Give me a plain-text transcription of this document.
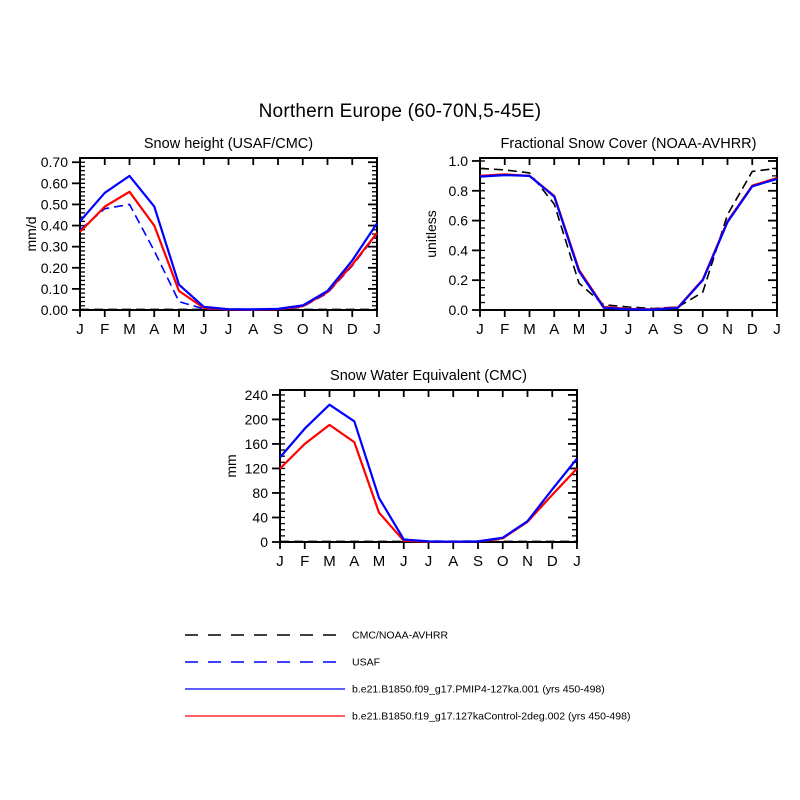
Northern Europe (60-70N,5-45E)
0.00
0.10
0.20
0.30
0.40
0.50
0.60
0.70
J F M A M J J A S O N D J
Snow height (USAF/CMC)
mm/d
0.0
0.2
0.4
0.6
0.8
1.0
J F M A M J J A S O N D J
Fractional Snow Cover (NOAA-AVHRR)
unitless
0
40
80
120
160
200
240
J F M A M J J A S O N D J
Snow Water Equivalent (CMC)
mm
CMC/NOAA-AVHRR
USAF
b.e21.B1850.f09_g17.PMIP4-127ka.001 (yrs 450-498)
b.e21.B1850.f19_g17.127kaControl-2deg.002 (yrs 450-498)
